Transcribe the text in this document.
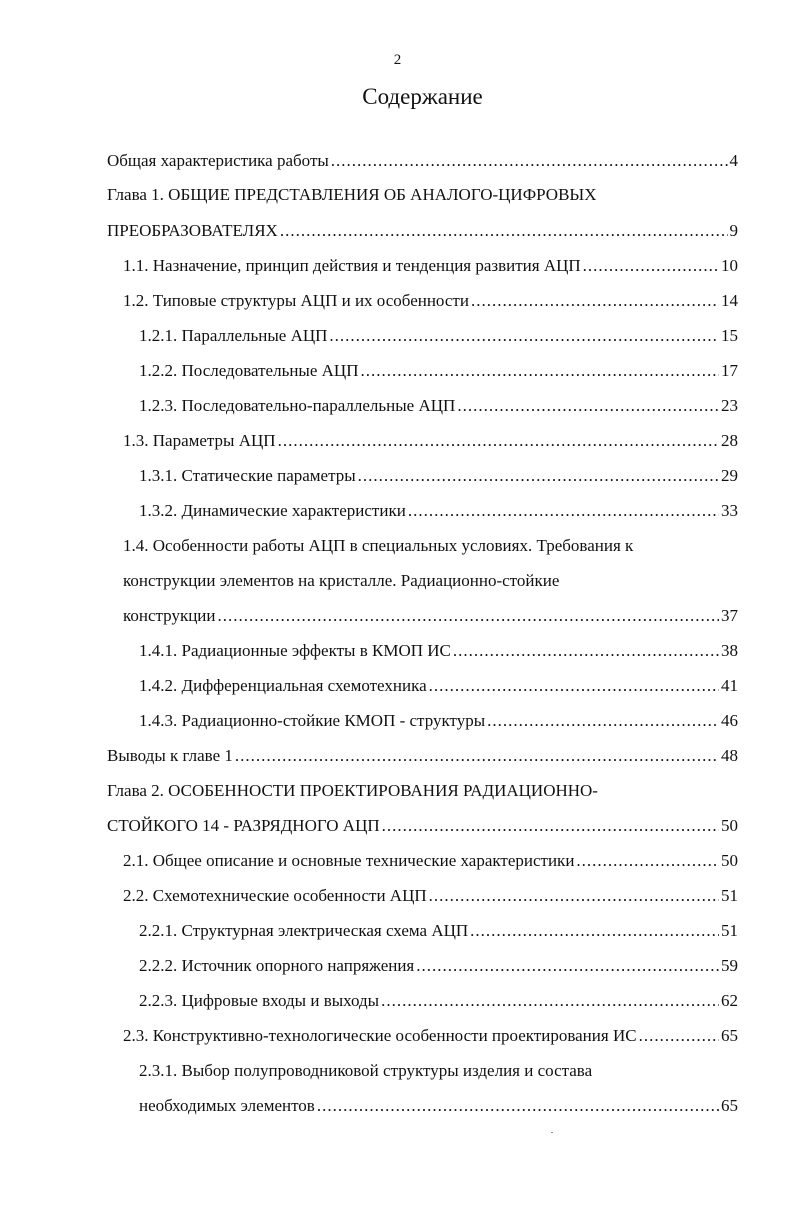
2
Содержание
Общая характеристика работы .....	4
Глава 1. ОБЩИЕ ПРЕДСТАВЛЕНИЯ ОБ АНАЛОГО-ЦИФРОВЫХ
ПРЕОБРАЗОВАТЕЛЯХ .....	9
1.1. Назначение, принцип действия и тенденция развития АЦП .....	10
1.2. Типовые структуры АЦП и их особенности .....	14
1.2.1. Параллельные АЦП .....	15
1.2.2. Последовательные АЦП .....	17
1.2.3. Последовательно-параллельные АЦП .....	23
1.3. Параметры АЦП .....	28
1.3.1. Статические параметры .....	29
1.3.2. Динамические характеристики .....	33
1.4. Особенности работы АЦП в специальных условиях. Требования к
конструкции элементов на кристалле. Радиационно-стойкие
конструкции .....	37
1.4.1. Радиационные эффекты в КМОП ИС .....	38
1.4.2. Дифференциальная схемотехника .....	41
1.4.3. Радиационно-стойкие КМОП - структуры .....	46
Выводы к главе 1 .....	48
Глава 2. ОСОБЕННОСТИ ПРОЕКТИРОВАНИЯ РАДИАЦИОННО-
СТОЙКОГО 14 - РАЗРЯДНОГО АЦП .....	50
2.1. Общее описание и основные технические характеристики .....	50
2.2. Схемотехнические особенности АЦП .....	51
2.2.1. Структурная электрическая схема АЦП .....	51
2.2.2. Источник опорного напряжения .....	59
2.2.3. Цифровые входы и выходы .....	62
2.3. Конструктивно-технологические особенности проектирования ИС .....	65
2.3.1. Выбор полупроводниковой структуры изделия и состава
необходимых элементов .....	65
